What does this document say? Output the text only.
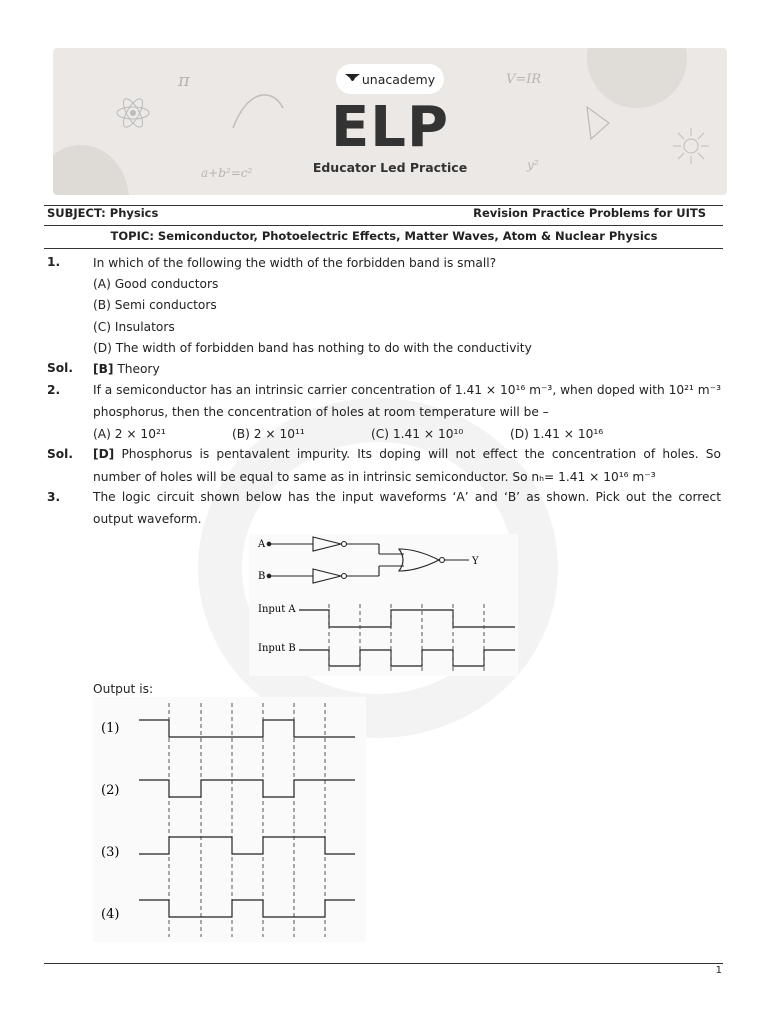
π	V=IR
a+b²=c²
y²
unacademy
ELP
Educator Led Practice
SUBJECT: Physics	Revision Practice Problems for UITS
TOPIC: Semiconductor, Photoelectric Effects, Matter Waves, Atom & Nuclear Physics
1.	In which of the following the width of the forbidden band is small?
(A) Good conductors
(B) Semi conductors
(C) Insulators
(D) The width of forbidden band has nothing to do with the conductivity
Sol. [B] Theory
2.	If a semiconductor has an intrinsic carrier concentration of 1.41 × 10¹⁶ m⁻³, when doped with 10²¹ m⁻³
phosphorus, then the concentration of holes at room temperature will be –
(A) 2 × 10²¹	(B) 2 × 10¹¹	(C) 1.41 × 10¹⁰	(D) 1.41 × 10¹⁶
Sol. [D] Phosphorus is pentavalent impurity. Its doping will not effect the concentration of holes. So
number of holes will be equal to same as in intrinsic semiconductor. So nₕ= 1.41 × 10¹⁶ m⁻³
3.	The logic circuit shown below has the input waveforms ‘A’ and ‘B’ as shown. Pick out the correct
output waveform.
A
B
Y
Input A
Input B
Output is:
(1)
(2)
(3)
(4)
1
